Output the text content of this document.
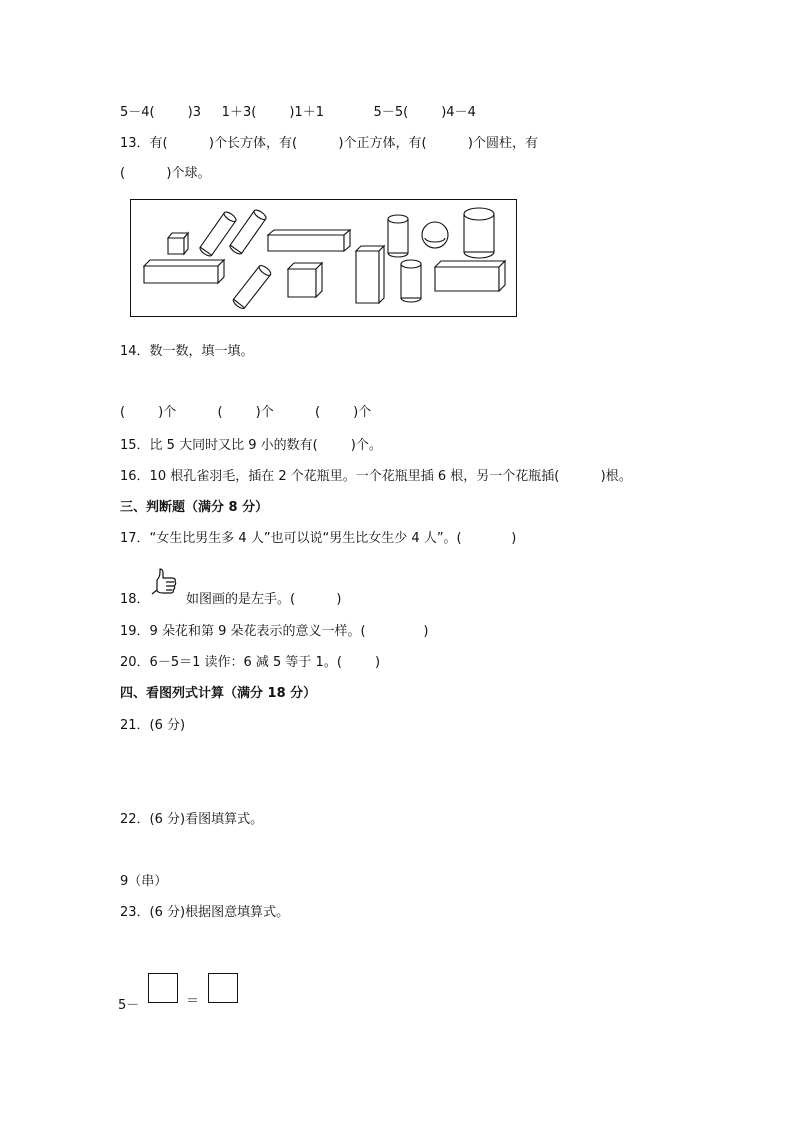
5－4(        )3     1＋3(        )1＋1            5－5(        )4－4
13．有(          )个长方体，有(          )个正方体，有(          )个圆柱，有
(          )个球。
14．数一数，填一填。
(        )个          (        )个          (        )个
15．比 5 大同时又比 9 小的数有(        )个。
16．10 根孔雀羽毛，插在 2 个花瓶里。一个花瓶里插 6 根，另一个花瓶插(          )根。
三、判断题（满分 8 分）
17．“女生比男生多 4 人”也可以说“男生比女生少 4 人”。(            )
18．	如图画的是左手。(          )
19．9 朵花和第 9 朵花表示的意义一样。(              )
20．6－5＝1 读作：6 减 5 等于 1。(        )
四、看图列式计算（满分 18 分）
21．(6 分)
22．(6 分)看图填算式。
9（串）
23．(6 分)根据图意填算式。
5－	＝
